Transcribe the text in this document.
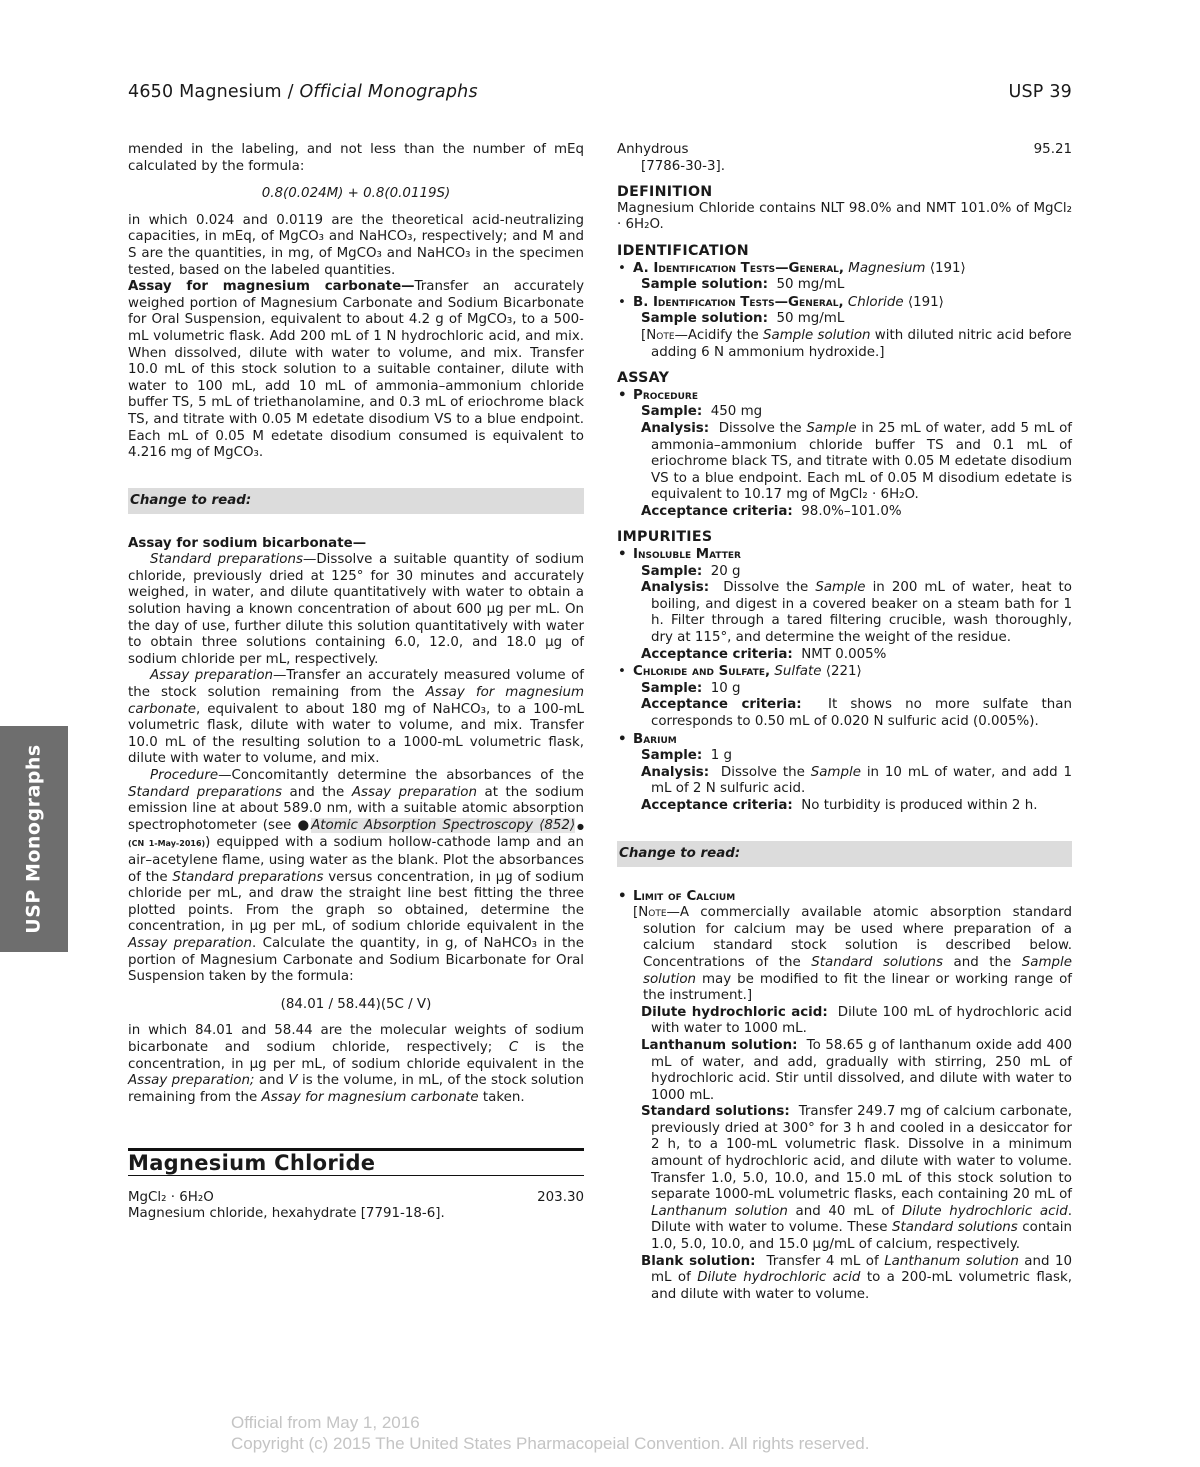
4650 Magnesium / Official Monographs	USP 39
USP Monographs

mended in the labeling, and not less than the number of mEq calculated by the formula:

0.8(0.024M) + 0.8(0.0119S)

in which 0.024 and 0.0119 are the theoretical acid-neutralizing capacities, in mEq, of MgCO₃ and NaHCO₃, respectively; and M and S are the quantities, in mg, of MgCO₃ and NaHCO₃ in the specimen tested, based on the labeled quantities.

Assay for magnesium carbonate—Transfer an accurately weighed portion of Magnesium Carbonate and Sodium Bicarbonate for Oral Suspension, equivalent to about 4.2 g of MgCO₃, to a 500-mL volumetric flask. Add 200 mL of 1 N hydrochloric acid, and mix. When dissolved, dilute with water to volume, and mix. Transfer 10.0 mL of this stock solution to a suitable container, dilute with water to 100 mL, add 10 mL of ammonia–ammonium chloride buffer TS, 5 mL of triethanolamine, and 0.3 mL of eriochrome black TS, and titrate with 0.05 M edetate disodium VS to a blue endpoint. Each mL of 0.05 M edetate disodium consumed is equivalent to 4.216 mg of MgCO₃.

Change to read:

Assay for sodium bicarbonate—

Standard preparations—Dissolve a suitable quantity of sodium chloride, previously dried at 125° for 30 minutes and accurately weighed, in water, and dilute quantitatively with water to obtain a solution having a known concentration of about 600 µg per mL. On the day of use, further dilute this solution quantitatively with water to obtain three solutions containing 6.0, 12.0, and 18.0 µg of sodium chloride per mL, respectively.

Assay preparation—Transfer an accurately measured volume of the stock solution remaining from the Assay for magnesium carbonate, equivalent to about 180 mg of NaHCO₃, to a 100-mL volumetric flask, dilute with water to volume, and mix. Transfer 10.0 mL of the resulting solution to a 1000-mL volumetric flask, dilute with water to volume, and mix.

Procedure—Concomitantly determine the absorbances of the Standard preparations and the Assay preparation at the sodium emission line at about 589.0 nm, with a suitable atomic absorption spectrophotometer (see ●Atomic Absorption Spectroscopy ⟨852⟩● (CN 1-May-2016)) equipped with a sodium hollow-cathode lamp and an air–acetylene flame, using water as the blank. Plot the absorbances of the Standard preparations versus concentration, in µg of sodium chloride per mL, and draw the straight line best fitting the three plotted points. From the graph so obtained, determine the concentration, in µg per mL, of sodium chloride equivalent in the Assay preparation. Calculate the quantity, in g, of NaHCO₃ in the portion of Magnesium Carbonate and Sodium Bicarbonate for Oral Suspension taken by the formula:

(84.01 / 58.44)(5C / V)

in which 84.01 and 58.44 are the molecular weights of sodium bicarbonate and sodium chloride, respectively; C is the concentration, in µg per mL, of sodium chloride equivalent in the Assay preparation; and V is the volume, in mL, of the stock solution remaining from the Assay for magnesium carbonate taken.

Magnesium Chloride
MgCl₂ · 6H₂O	203.30

Magnesium chloride, hexahydrate [7791-18-6].

Anhydrous	95.21

[7786-30-3].

DEFINITION

Magnesium Chloride contains NLT 98.0% and NMT 101.0% of MgCl₂ · 6H₂O.

IDENTIFICATION
• A. Identification Tests—General, Magnesium ⟨191⟩
Sample solution: 50 mg/mL
• B. Identification Tests—General, Chloride ⟨191⟩
Sample solution: 50 mg/mL

[Note—Acidify the Sample solution with diluted nitric acid before adding 6 N ammonium hydroxide.]

ASSAY
• Procedure
Sample: 450 mg

Analysis: Dissolve the Sample in 25 mL of water, add 5 mL of ammonia–ammonium chloride buffer TS and 0.1 mL of eriochrome black TS, and titrate with 0.05 M edetate disodium VS to a blue endpoint. Each mL of 0.05 M disodium edetate is equivalent to 10.17 mg of MgCl₂ · 6H₂O.

Acceptance criteria: 98.0%–101.0%
IMPURITIES
• Insoluble Matter
Sample: 20 g

Analysis: Dissolve the Sample in 200 mL of water, heat to boiling, and digest in a covered beaker on a steam bath for 1 h. Filter through a tared filtering crucible, wash thoroughly, dry at 115°, and determine the weight of the residue.

Acceptance criteria: NMT 0.005%
• Chloride and Sulfate, Sulfate ⟨221⟩
Sample: 10 g

Acceptance criteria: It shows no more sulfate than corresponds to 0.50 mL of 0.020 N sulfuric acid (0.005%).

• Barium
Sample: 1 g

Analysis: Dissolve the Sample in 10 mL of water, and add 1 mL of 2 N sulfuric acid.

Acceptance criteria: No turbidity is produced within 2 h.

Change to read:
• Limit of Calcium

[Note—A commercially available atomic absorption standard solution for calcium may be used where preparation of a calcium standard stock solution is described below. Concentrations of the Standard solutions and the Sample solution may be modified to fit the linear or working range of the instrument.]

Dilute hydrochloric acid: Dilute 100 mL of hydrochloric acid with water to 1000 mL.

Lanthanum solution: To 58.65 g of lanthanum oxide add 400 mL of water, and add, gradually with stirring, 250 mL of hydrochloric acid. Stir until dissolved, and dilute with water to 1000 mL.

Standard solutions: Transfer 249.7 mg of calcium carbonate, previously dried at 300° for 3 h and cooled in a desiccator for 2 h, to a 100-mL volumetric flask. Dissolve in a minimum amount of hydrochloric acid, and dilute with water to volume. Transfer 1.0, 5.0, 10.0, and 15.0 mL of this stock solution to separate 1000-mL volumetric flasks, each containing 20 mL of Lanthanum solution and 40 mL of Dilute hydrochloric acid. Dilute with water to volume. These Standard solutions contain 1.0, 5.0, 10.0, and 15.0 µg/mL of calcium, respectively.

Blank solution: Transfer 4 mL of Lanthanum solution and 10 mL of Dilute hydrochloric acid to a 200-mL volumetric flask, and dilute with water to volume.

Official from May 1, 2016
Copyright (c) 2015 The United States Pharmacopeial Convention. All rights reserved.
